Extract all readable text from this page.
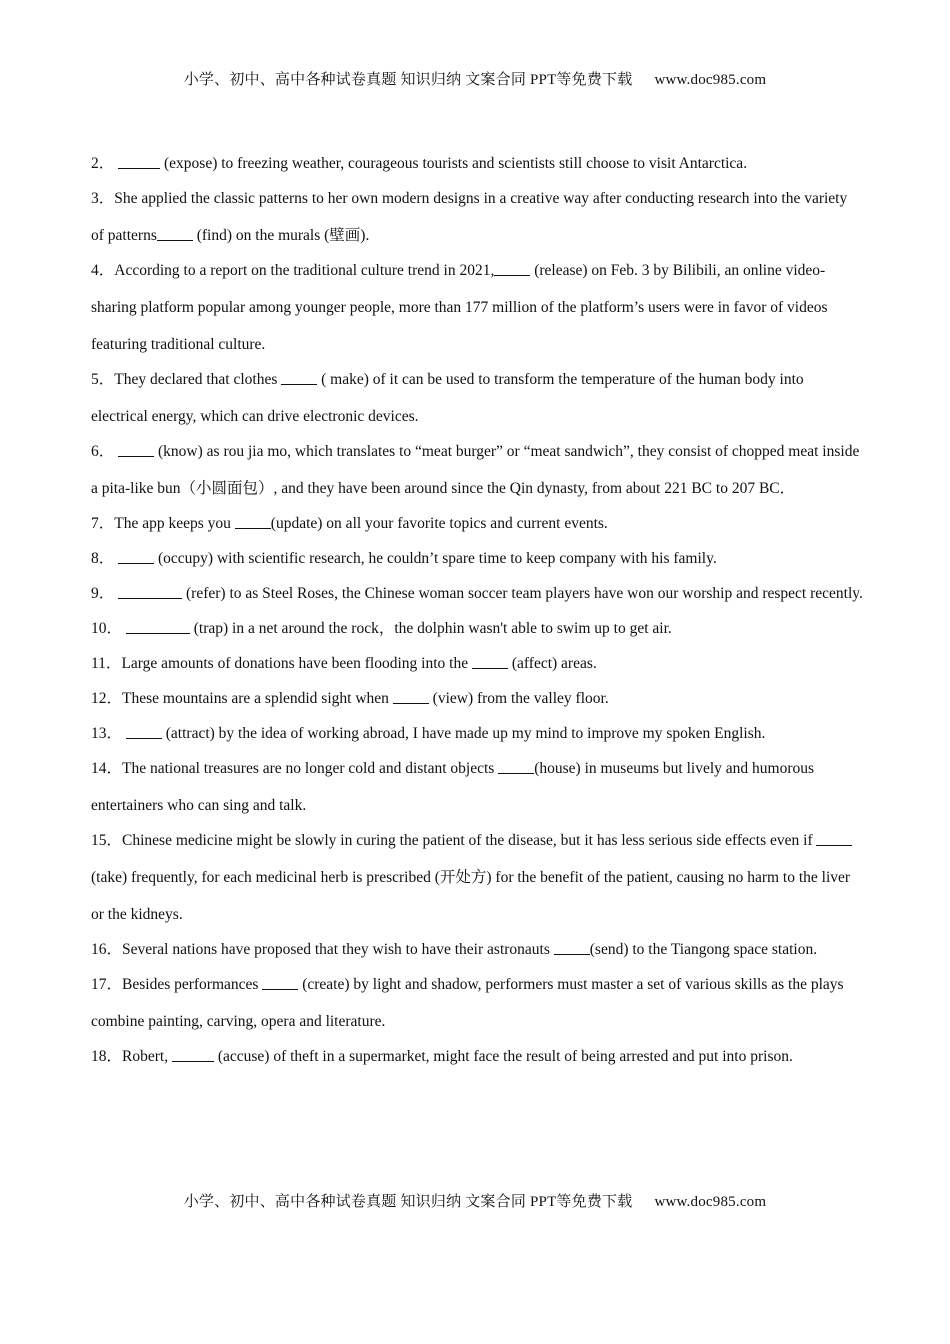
小学、初中、高中各种试卷真题 知识归纳 文案合同 PPT等免费下载 www.doc985.com

2．	(expose) to freezing weather, courageous tourists and scientists still choose to visit Antarctica.

3．She applied the classic patterns to her own modern designs in a creative way after conducting research into the variety of patterns (find) on the murals (壁画).

4．According to a report on the traditional culture trend in 2021, (release) on Feb. 3 by Bilibili, an online video-sharing platform popular among younger people, more than 177 million of the platform’s users were in favor of videos featuring traditional culture.

5．They declared that clothes  ( make) of it can be used to transform the temperature of the human body into electrical energy, which can drive electronic devices.

6．	(know) as rou jia mo, which translates to “meat burger” or “meat sandwich”, they consist of chopped meat inside a pita-like bun（小圆面包）, and they have been around since the Qin dynasty, from about 221 BC to 207 BC．

7．The app keeps you (update) on all your favorite topics and current events.

8．	(occupy) with scientific research, he couldn’t spare time to keep company with his family.

9．	(refer) to as Steel Roses, the Chinese woman soccer team players have won our worship and respect recently.

10．	(trap) in a net around the rock，the dolphin wasn't able to swim up to get air.

11．Large amounts of donations have been flooding into the  (affect) areas.

12．These mountains are a splendid sight when  (view) from the valley floor.

13．	(attract) by the idea of working abroad, I have made up my mind to improve my spoken English.

14．The national treasures are no longer cold and distant objects (house) in museums but lively and humorous entertainers who can sing and talk.

15．Chinese medicine might be slowly in curing the patient of the disease, but it has less serious side effects even if  (take) frequently, for each medicinal herb is prescribed (开处方) for the benefit of the patient, causing no harm to the liver or the kidneys.

16．Several nations have proposed that they wish to have their astronauts (send) to the Tiangong space station.

17．Besides performances  (create) by light and shadow, performers must master a set of various skills as the plays combine painting, carving, opera and literature.

18．Robert,	(accuse) of theft in a supermarket, might face the result of being arrested and put into prison.

小学、初中、高中各种试卷真题 知识归纳 文案合同 PPT等免费下载 www.doc985.com
